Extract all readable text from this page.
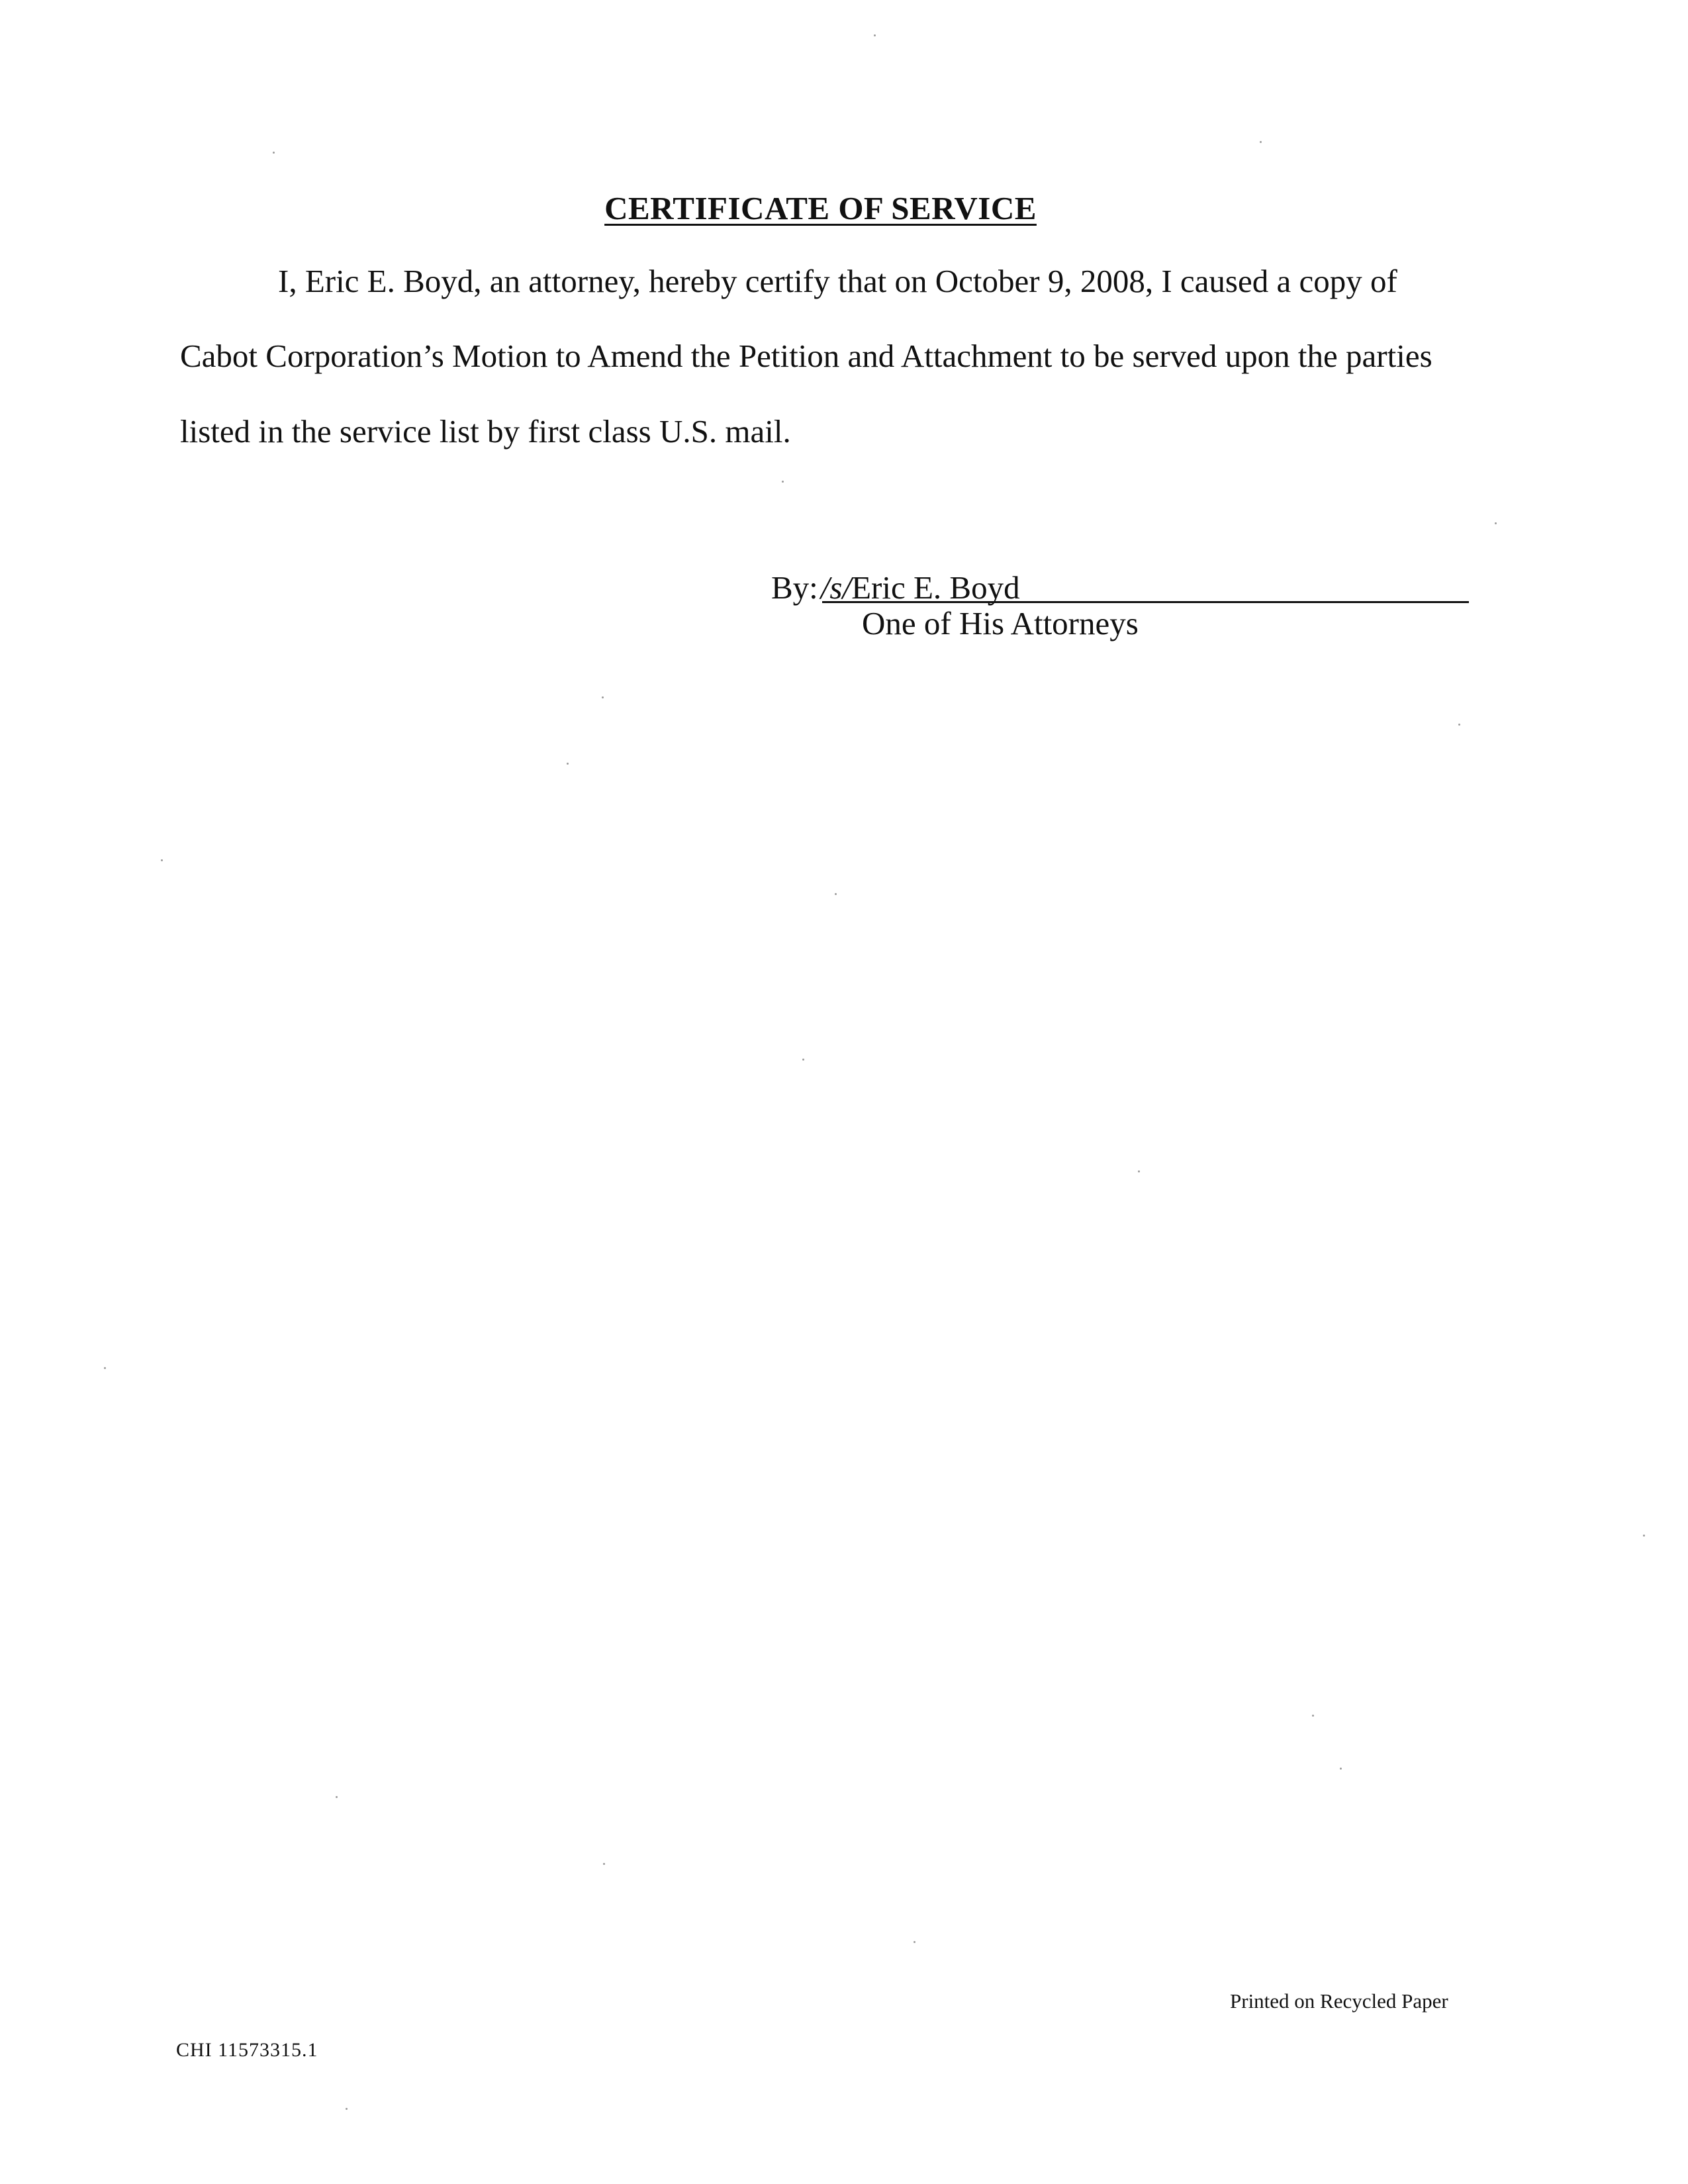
CERTIFICATE OF SERVICE
I, Eric E. Boyd, an attorney, hereby certify that on October 9, 2008, I caused a copy of
Cabot Corporation’s Motion to Amend the Petition and Attachment to be served upon the parties
listed in the service list by first class U.S. mail.
By:/s/Eric E. Boyd
One of His Attorneys
Printed on Recycled Paper
CHI 11573315.1
